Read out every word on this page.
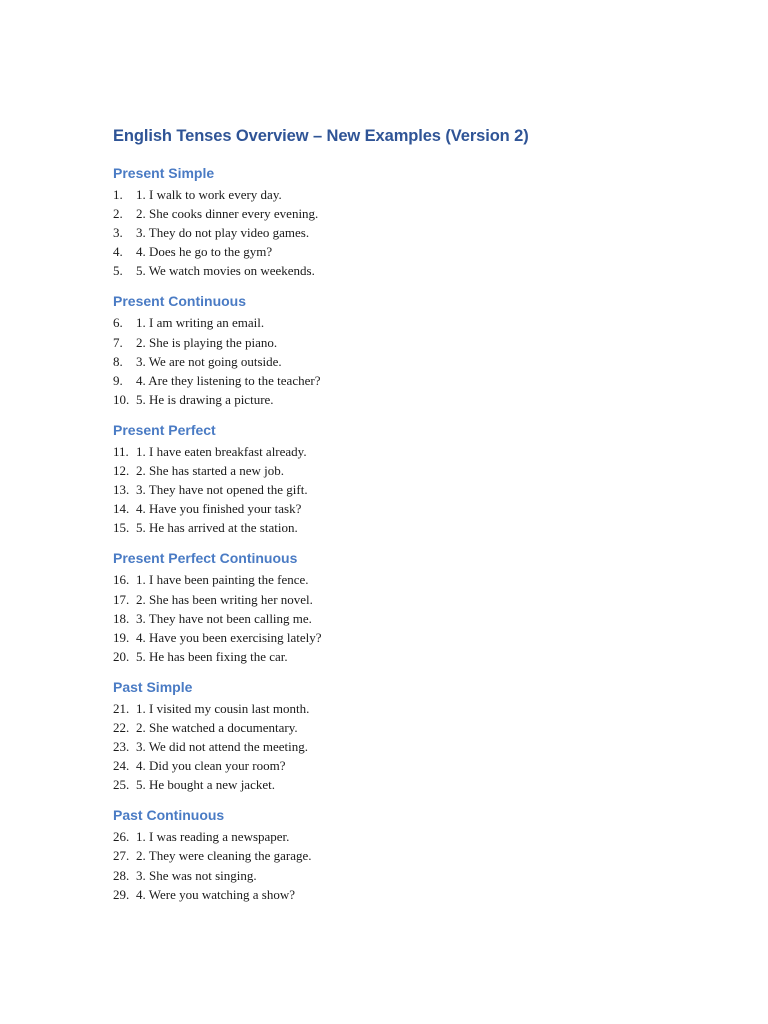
English Tenses Overview – New Examples (Version 2)
Present Simple
1.	1. I walk to work every day.
2.	2. She cooks dinner every evening.
3.	3. They do not play video games.
4.	4. Does he go to the gym?
5.	5. We watch movies on weekends.
Present Continuous
6.	1. I am writing an email.
7.	2. She is playing the piano.
8.	3. We are not going outside.
9.	4. Are they listening to the teacher?
10. 5. He is drawing a picture.
Present Perfect
11. 1. I have eaten breakfast already.
12. 2. She has started a new job.
13. 3. They have not opened the gift.
14. 4. Have you finished your task?
15. 5. He has arrived at the station.
Present Perfect Continuous
16. 1. I have been painting the fence.
17. 2. She has been writing her novel.
18. 3. They have not been calling me.
19. 4. Have you been exercising lately?
20. 5. He has been fixing the car.
Past Simple
21. 1. I visited my cousin last month.
22. 2. She watched a documentary.
23. 3. We did not attend the meeting.
24. 4. Did you clean your room?
25. 5. He bought a new jacket.
Past Continuous
26. 1. I was reading a newspaper.
27. 2. They were cleaning the garage.
28. 3. She was not singing.
29. 4. Were you watching a show?
